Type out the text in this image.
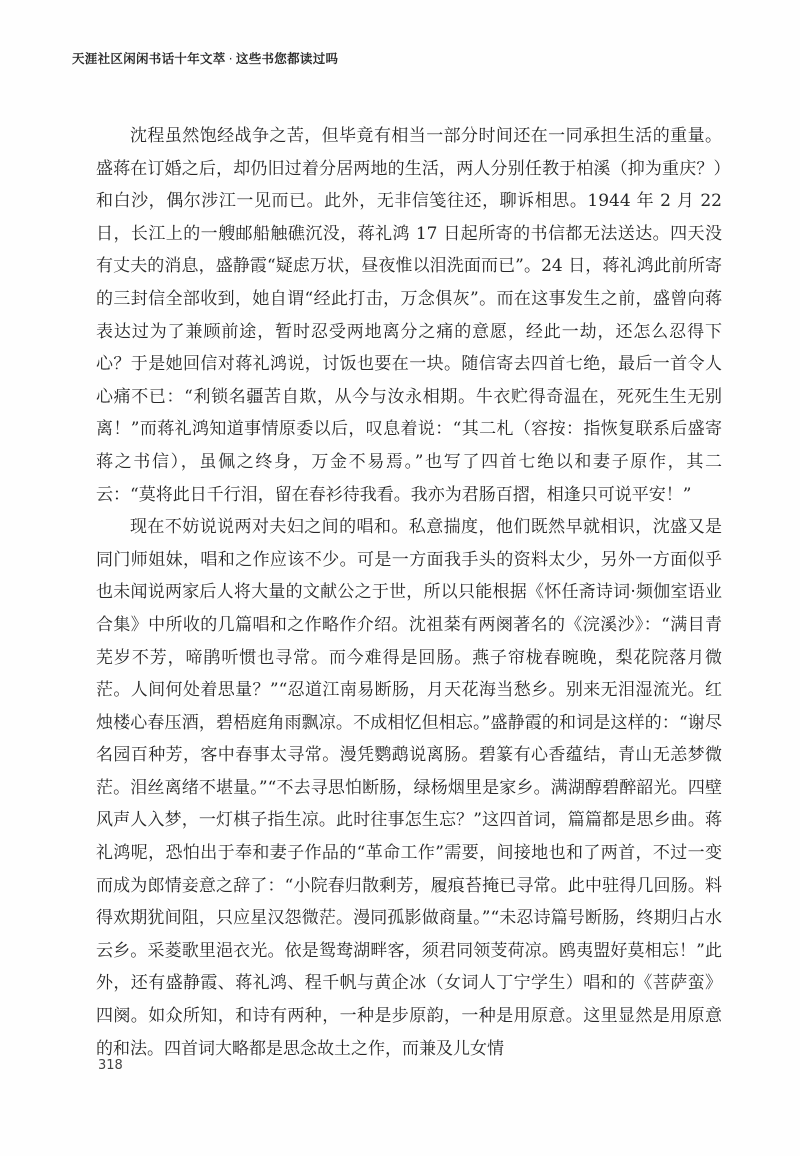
天涯社区闲闲书话十年文萃 · 这些书您都读过吗

沈程虽然饱经战争之苦，但毕竟有相当一部分时间还在一同承担生活的重量。盛蒋在订婚之后，却仍旧过着分居两地的生活，两人分别任教于柏溪（抑为重庆？）和白沙，偶尔涉江一见而已。此外，无非信笺往还，聊诉相思。1944 年 2 月 22 日，长江上的一艘邮船触礁沉没，蒋礼鸿 17 日起所寄的书信都无法送达。四天没有丈夫的消息，盛静霞“疑虑万状，昼夜惟以泪洗面而已”。24 日，蒋礼鸿此前所寄的三封信全部收到，她自谓“经此打击，万念俱灰”。而在这事发生之前，盛曾向蒋表达过为了兼顾前途，暂时忍受两地离分之痛的意愿，经此一劫，还怎么忍得下心？于是她回信对蒋礼鸿说，讨饭也要在一块。随信寄去四首七绝，最后一首令人心痛不已：“利锁名疆苦自欺，从今与汝永相期。牛衣贮得奇温在，死死生生无别离！”而蒋礼鸿知道事情原委以后，叹息着说：“其二札（容按：指恢复联系后盛寄蒋之书信），虽佩之终身，万金不易焉。”也写了四首七绝以和妻子原作，其二云：“莫将此日千行泪，留在春衫待我看。我亦为君肠百摺，相逢只可说平安！”

现在不妨说说两对夫妇之间的唱和。私意揣度，他们既然早就相识，沈盛又是同门师姐妹，唱和之作应该不少。可是一方面我手头的资料太少，另外一方面似乎也未闻说两家后人将大量的文献公之于世，所以只能根据《怀任斋诗词·频伽室语业合集》中所收的几篇唱和之作略作介绍。沈祖棻有两阕著名的《浣溪沙》：“满目青芜岁不芳，啼鹃听惯也寻常。而今难得是回肠。燕子帘栊春晼晚，梨花院落月微茫。人间何处着思量？”“忍道江南易断肠，月天花海当愁乡。别来无泪湿流光。红烛楼心春压酒，碧梧庭角雨飘凉。不成相忆但相忘。”盛静霞的和词是这样的：“谢尽名园百种芳，客中春事太寻常。漫凭鹦鹉说离肠。碧篆有心香蕴结，青山无恙梦微茫。泪丝离绪不堪量。”“不去寻思怕断肠，绿杨烟里是家乡。满湖醇碧醉韶光。四壁风声人入梦，一灯棋子指生凉。此时往事怎生忘？”这四首词，篇篇都是思乡曲。蒋礼鸿呢，恐怕出于奉和妻子作品的“革命工作”需要，间接地也和了两首，不过一变而成为郎情妾意之辞了：“小院春归散剩芳，履痕苔掩已寻常。此中驻得几回肠。料得欢期犹间阻，只应星汉怨微茫。漫同孤影做商量。”“未忍诗篇号断肠，终期归占水云乡。采菱歌里浥衣光。依是鸳鸯湖畔客，须君同领芰荷凉。鸥夷盟好莫相忘！”此外，还有盛静霞、蒋礼鸿、程千帆与黄企冰（女词人丁宁学生）唱和的《菩萨蛮》四阕。如众所知，和诗有两种，一种是步原韵，一种是用原意。这里显然是用原意的和法。四首词大略都是思念故土之作，而兼及儿女情

318
